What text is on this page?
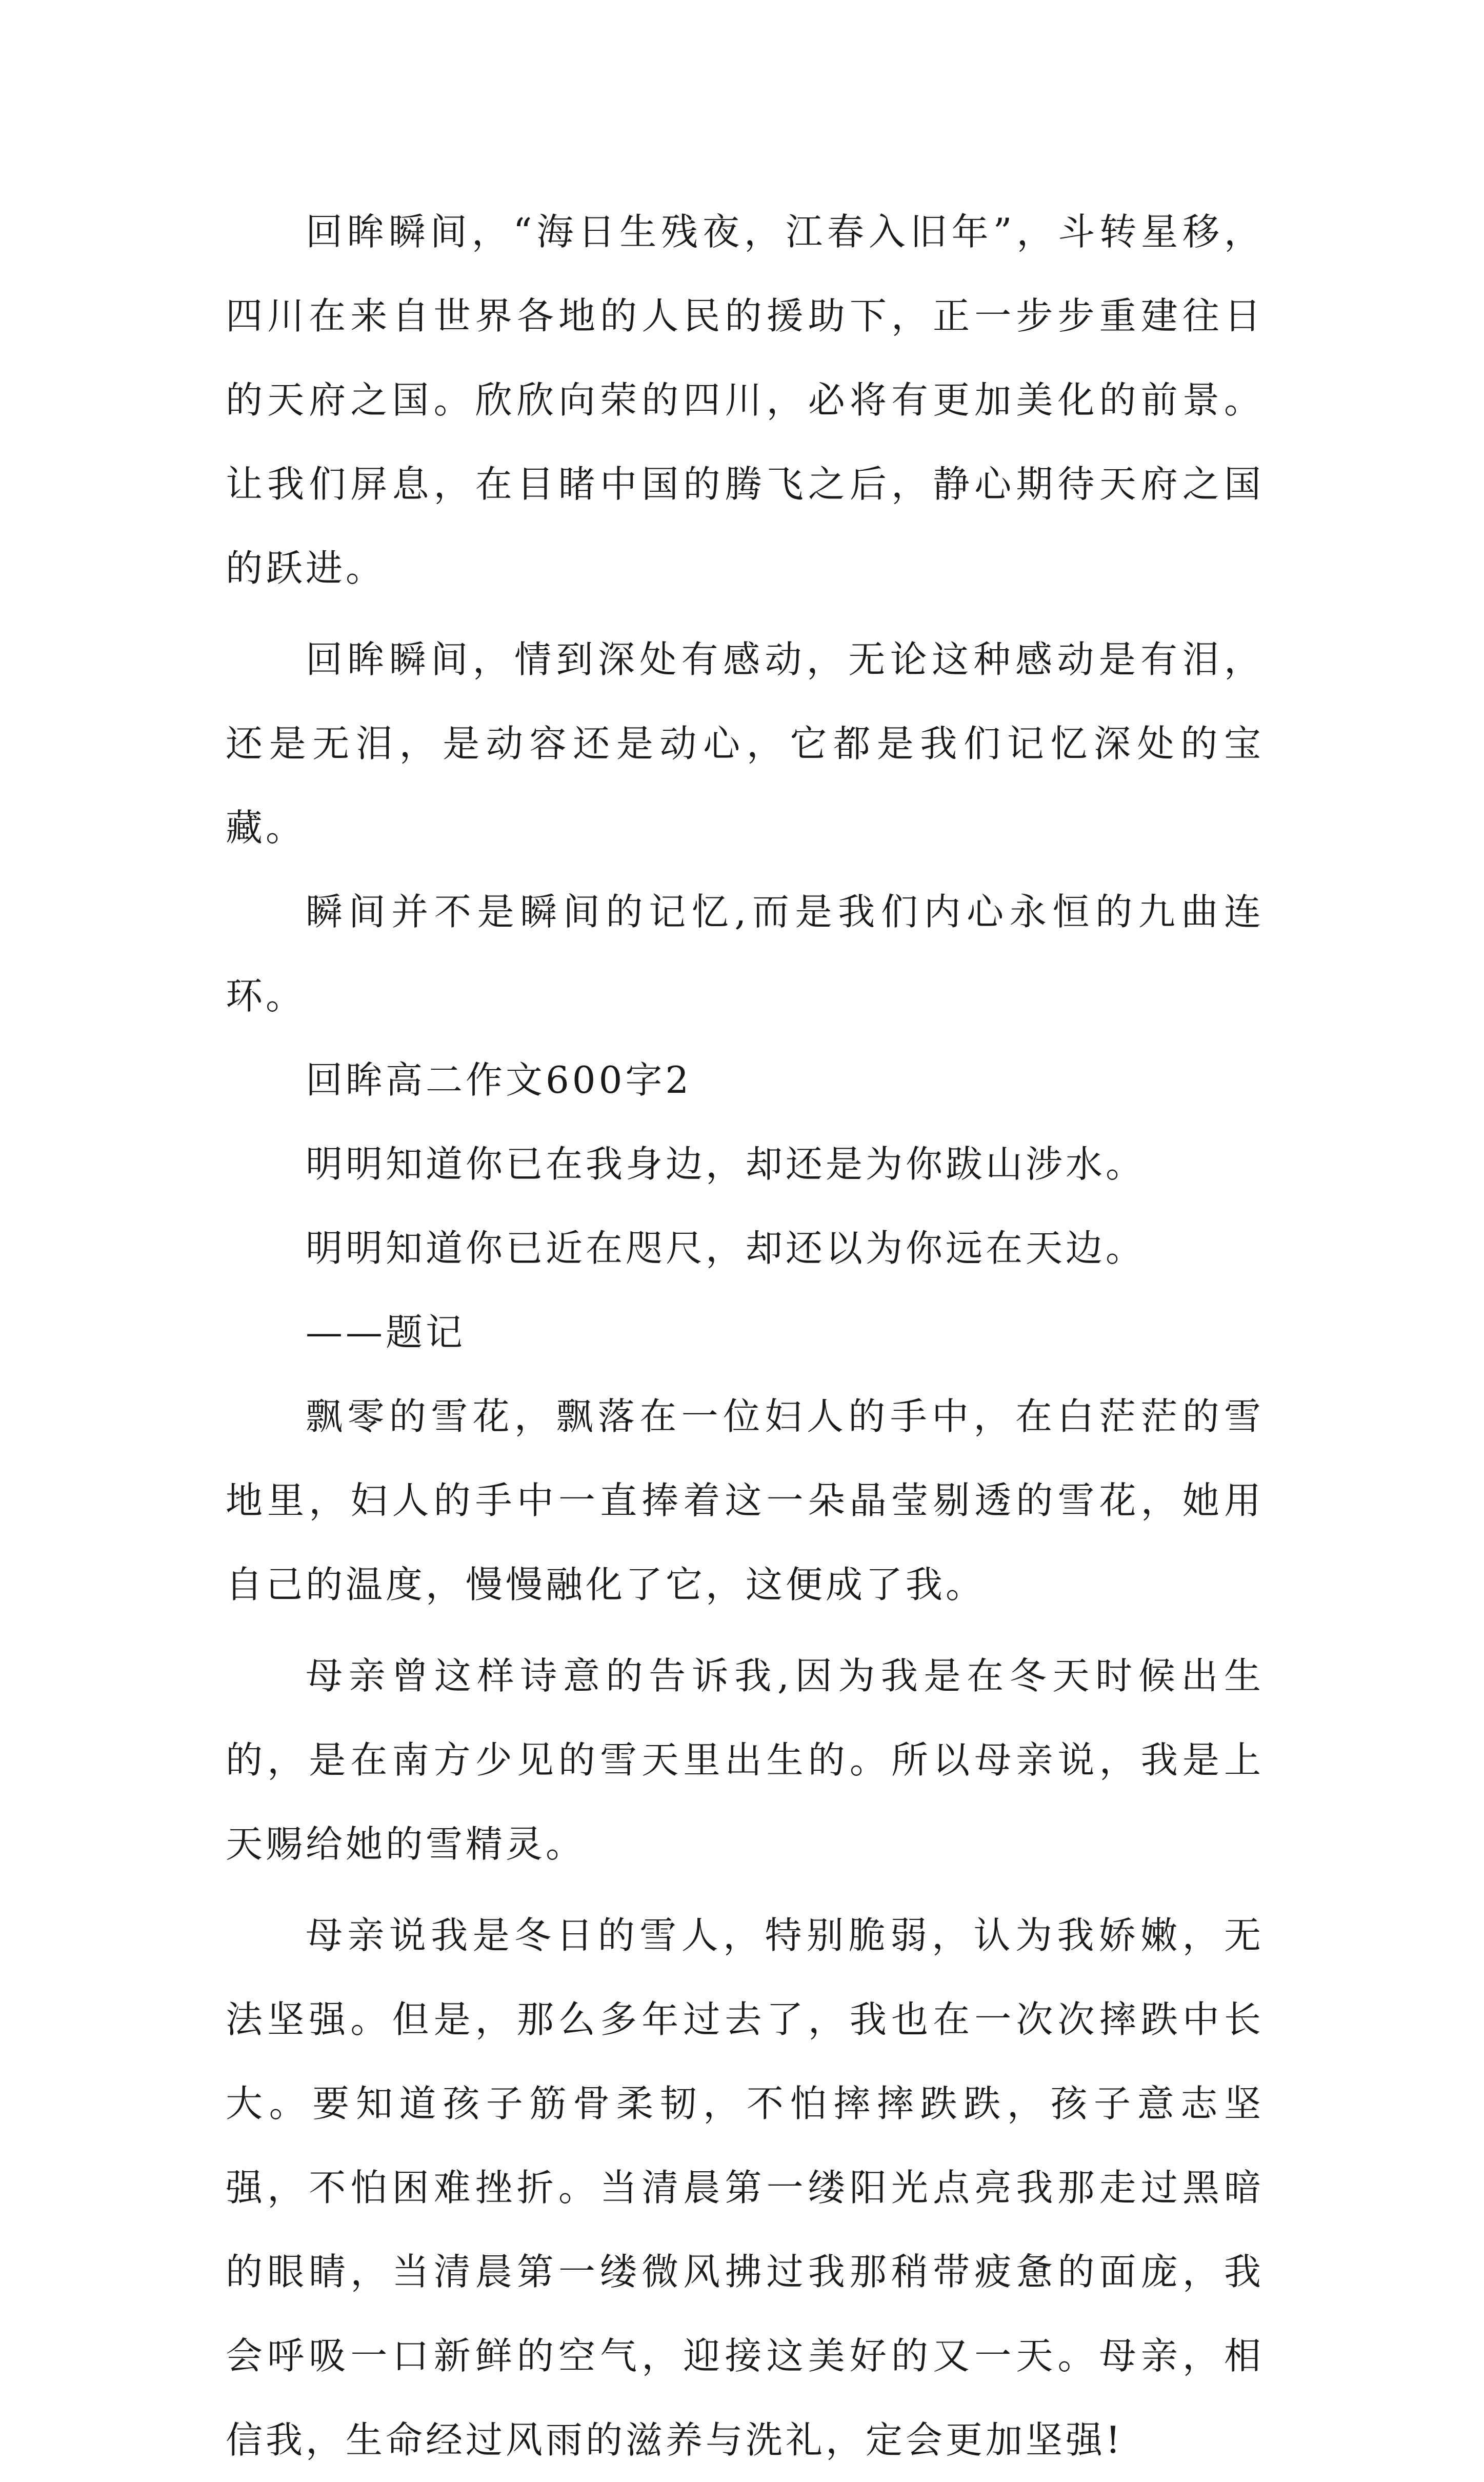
回眸瞬间，“海日生残夜，江春入旧年”，斗转星移，四川在来自世界各地的人民的援助下，正一步步重建往日的天府之国。欣欣向荣的四川，必将有更加美化的前景。让我们屏息，在目睹中国的腾飞之后，静心期待天府之国的跃进。

回眸瞬间，情到深处有感动，无论这种感动是有泪，还是无泪，是动容还是动心，它都是我们记忆深处的宝藏。

瞬间并不是瞬间的记忆,而是我们内心永恒的九曲连环。

回眸高二作文600字2

明明知道你已在我身边，却还是为你跋山涉水。

明明知道你已近在咫尺，却还以为你远在天边。

——题记

飘零的雪花，飘落在一位妇人的手中，在白茫茫的雪地里，妇人的手中一直捧着这一朵晶莹剔透的雪花，她用自己的温度，慢慢融化了它，这便成了我。

母亲曾这样诗意的告诉我,因为我是在冬天时候出生的，是在南方少见的雪天里出生的。所以母亲说，我是上天赐给她的雪精灵。

母亲说我是冬日的雪人，特别脆弱，认为我娇嫩，无法坚强。但是，那么多年过去了，我也在一次次摔跌中长大。要知道孩子筋骨柔韧，不怕摔摔跌跌，孩子意志坚强，不怕困难挫折。当清晨第一缕阳光点亮我那走过黑暗的眼睛，当清晨第一缕微风拂过我那稍带疲惫的面庞，我会呼吸一口新鲜的空气，迎接这美好的又一天。母亲，相信我，生命经过风雨的滋养与洗礼，定会更加坚强!
